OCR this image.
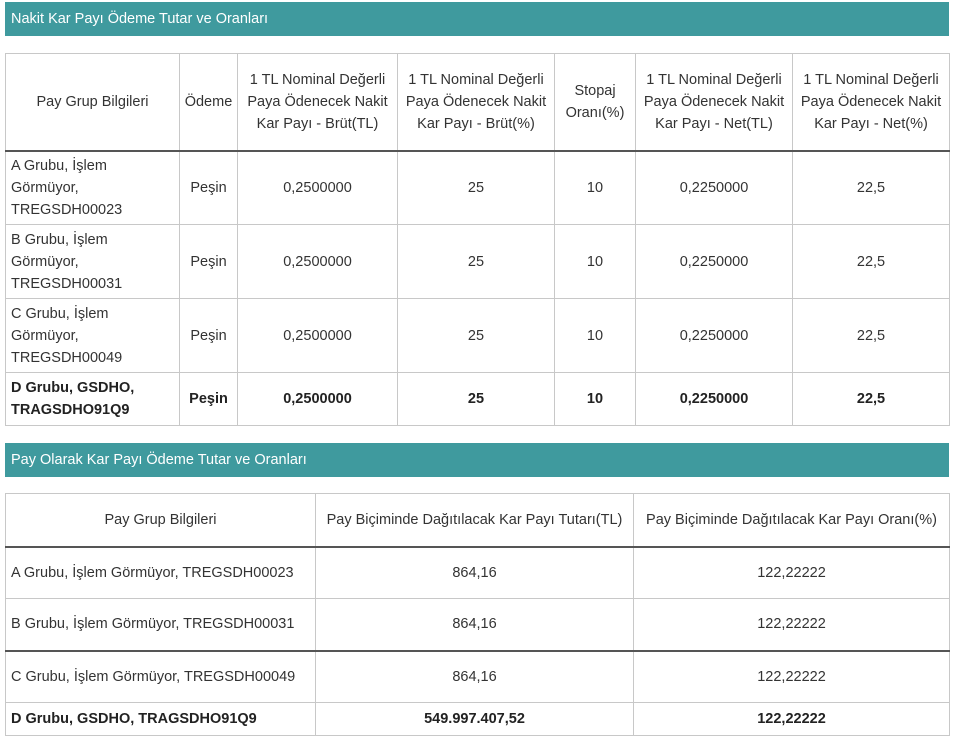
Nakit Kar Payı Ödeme Tutar ve Oranları
Pay Grup Bilgileri	Ödeme	1 TL Nominal Değerli Paya Ödenecek Nakit Kar Payı - Brüt(TL)	1 TL Nominal Değerli Paya Ödenecek Nakit Kar Payı - Brüt(%)	Stopaj Oranı(%)	1 TL Nominal Değerli Paya Ödenecek Nakit Kar Payı - Net(TL)	1 TL Nominal Değerli Paya Ödenecek Nakit Kar Payı - Net(%)
A Grubu, İşlem Görmüyor, TREGSDH00023	Peşin	0,2500000	25	10	0,2250000	22,5
B Grubu, İşlem Görmüyor, TREGSDH00031	Peşin	0,2500000	25	10	0,2250000	22,5
C Grubu, İşlem Görmüyor, TREGSDH00049	Peşin	0,2500000	25	10	0,2250000	22,5
D Grubu, GSDHO, TRAGSDHO91Q9	Peşin	0,2500000	25	10	0,2250000	22,5
Pay Olarak Kar Payı Ödeme Tutar ve Oranları
Pay Grup Bilgileri	Pay Biçiminde Dağıtılacak Kar Payı Tutarı(TL)	Pay Biçiminde Dağıtılacak Kar Payı Oranı(%)
A Grubu, İşlem Görmüyor, TREGSDH00023	864,16	122,22222
B Grubu, İşlem Görmüyor, TREGSDH00031	864,16	122,22222
C Grubu, İşlem Görmüyor, TREGSDH00049	864,16	122,22222
D Grubu, GSDHO, TRAGSDHO91Q9	549.997.407,52	122,22222
